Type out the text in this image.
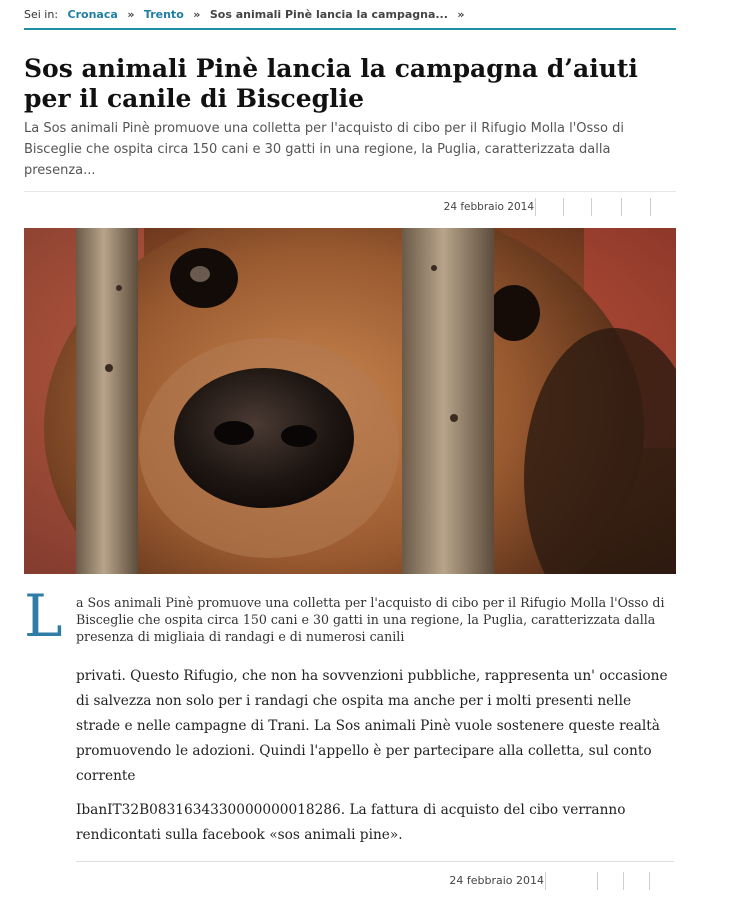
Sei in: Cronaca » Trento » Sos animali Pinè lancia la campagna... »
Sos animali Pinè lancia la campagna d’aiuti per il canile di Bisceglie

La Sos animali Pinè promuove una colletta per l'acquisto di cibo per il Rifugio Molla l'Osso di Bisceglie che ospita circa 150 cani e 30 gatti in una regione, la Puglia, caratterizzata dalla presenza...

24 febbraio 2014
L	a Sos animali Pinè promuove una colletta per l'acquisto di cibo per il Rifugio Molla l'Osso di Bisceglie che ospita circa 150 cani e 30 gatti in una regione, la Puglia, caratterizzata dalla presenza di migliaia di randagi e di numerosi canili

privati. Questo Rifugio, che non ha sovvenzioni pubbliche, rappresenta un' occasione di salvezza non solo per i randagi che ospita ma anche per i molti presenti nelle strade e nelle campagne di Trani. La Sos animali Pinè vuole sostenere queste realtà promuovendo le adozioni. Quindi l'appello è per partecipare alla colletta, sul conto corrente

IbanIT32B0831634330000000018286. La fattura di acquisto del cibo verranno rendicontati sulla facebook «sos animali pine».

24 febbraio 2014
